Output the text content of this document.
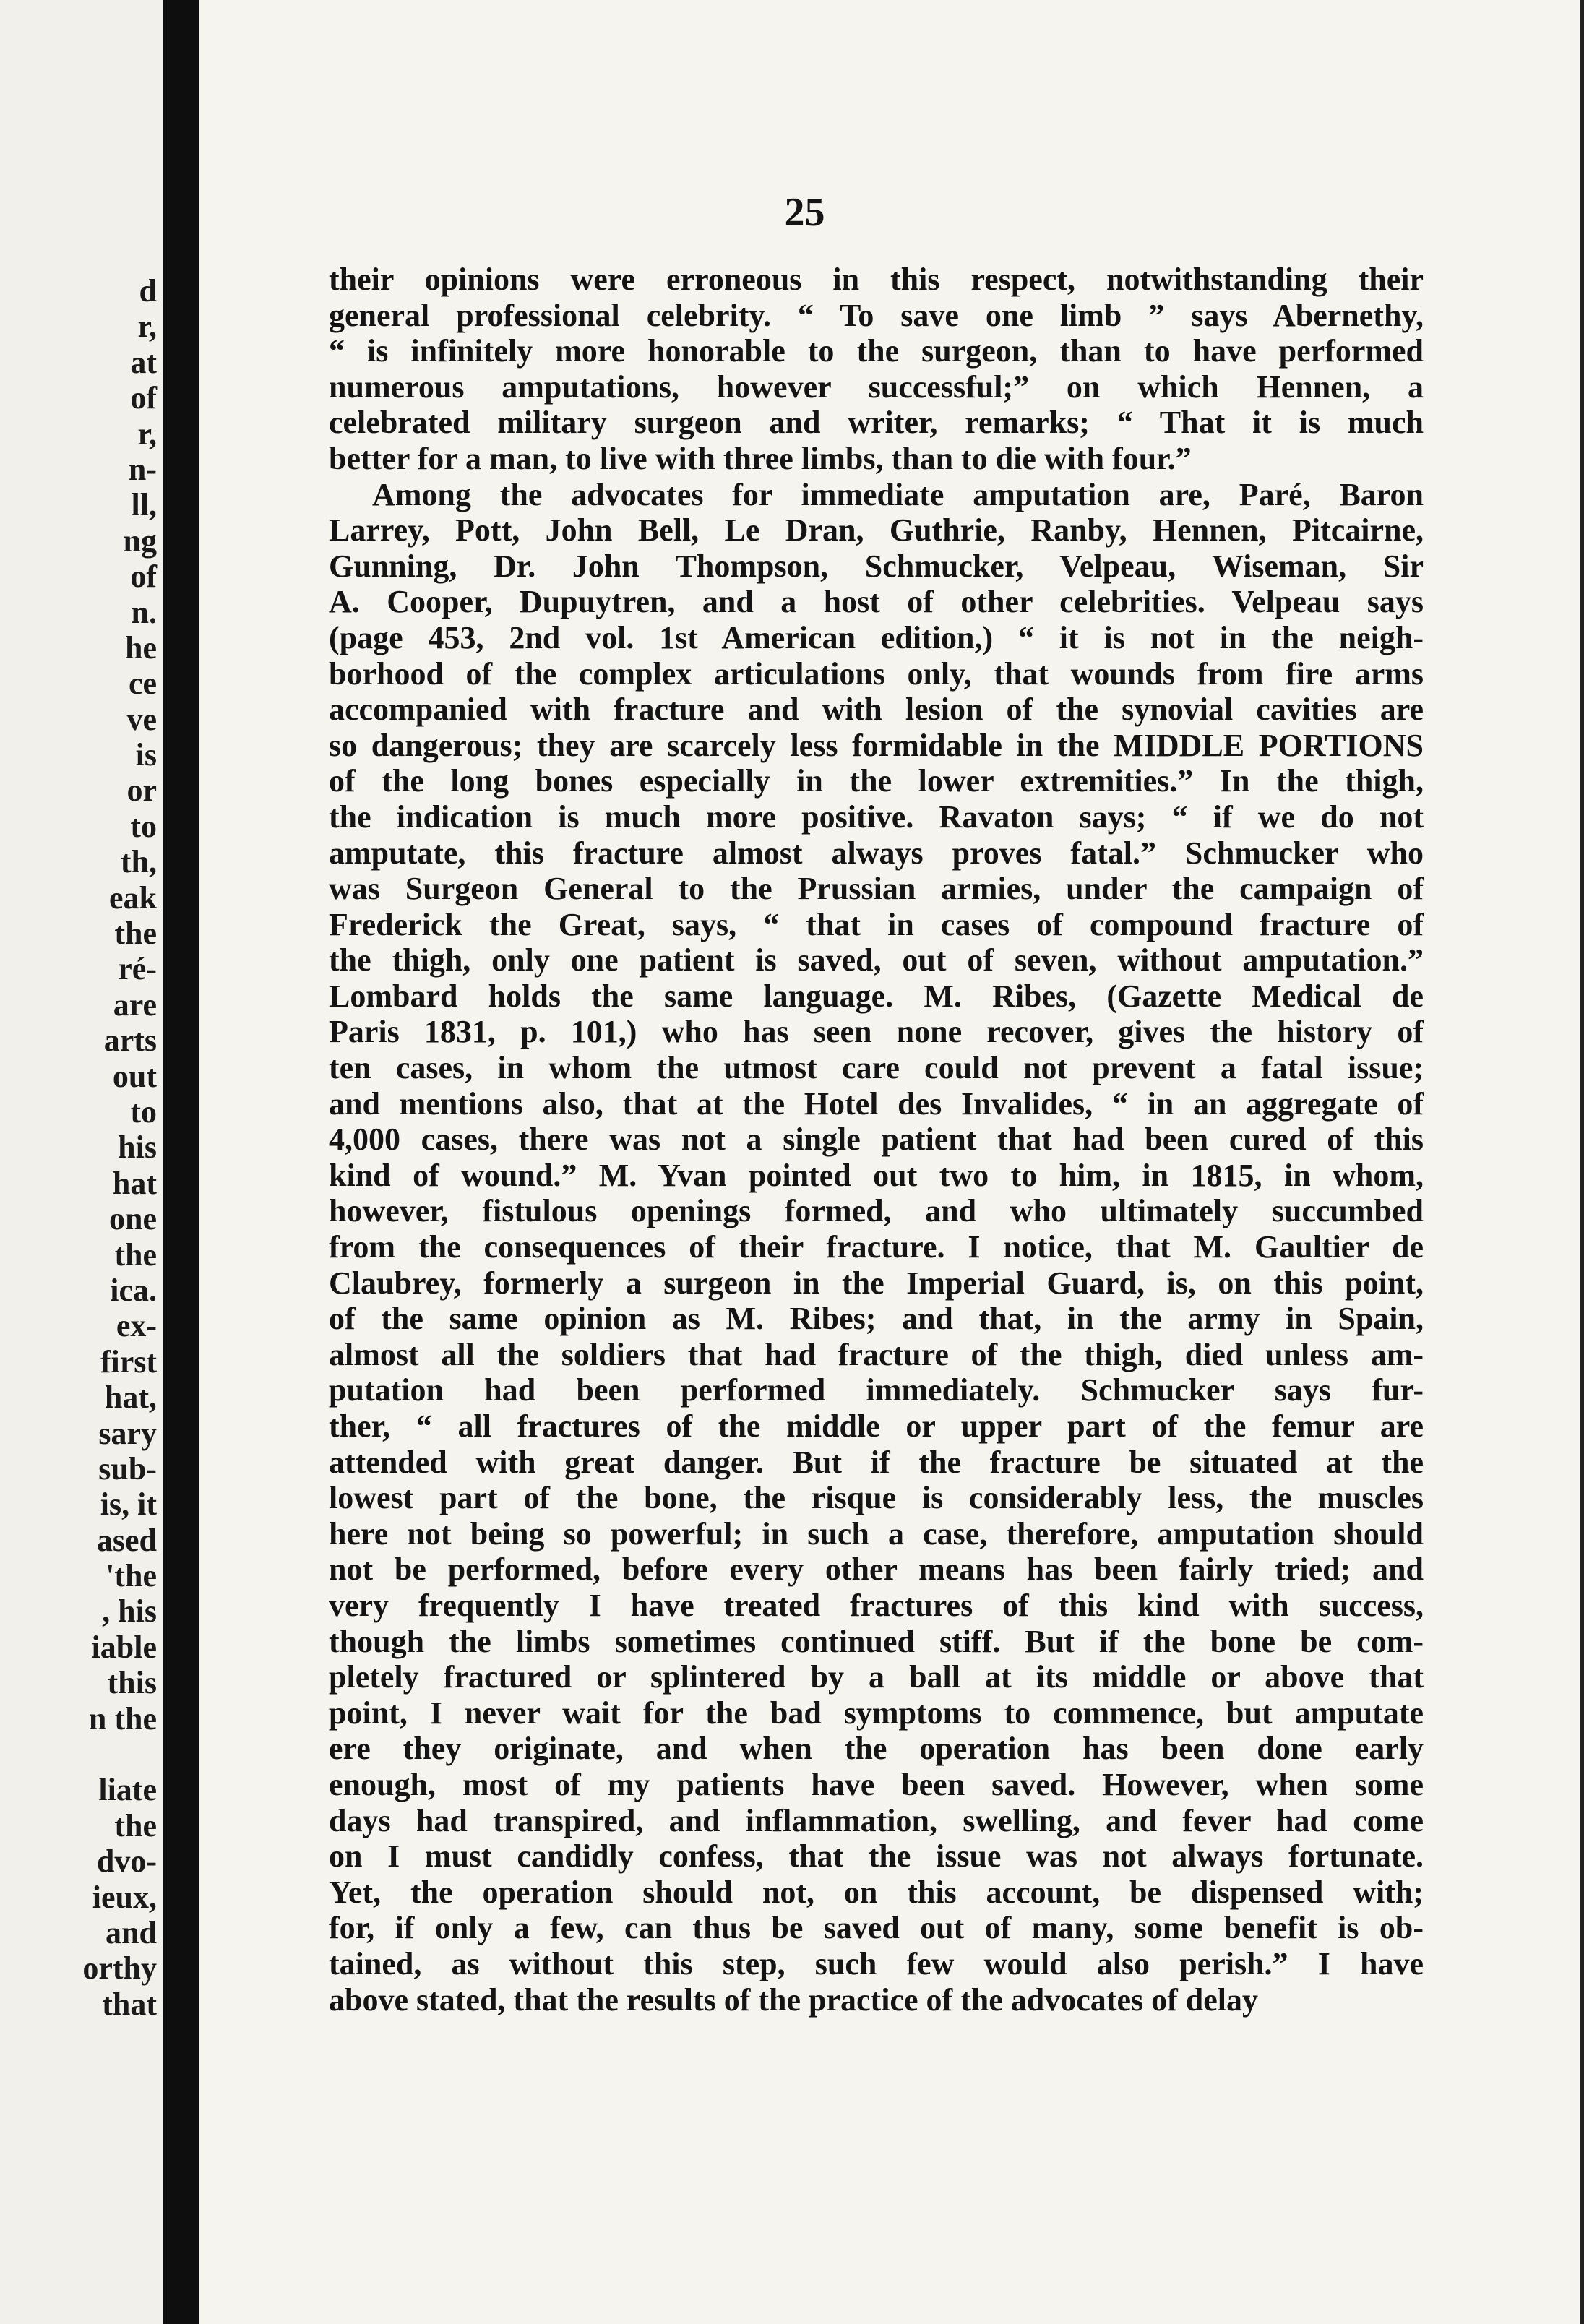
d
r,
at
of
r,
n-
ll,
ng
of
n.
he
ce
ve
is
or
to
th,
eak
the
ré-
are
arts
out
to
his
hat
one
the
ica.
ex-
first
hat,
sary
sub-
is, it
ased
'the
, his
iable
this
n the
liate
the
dvo-
ieux,
and
orthy
that
25
their opinions were erroneous in this respect, notwithstanding their
general professional celebrity. “ To save one limb ” says Abernethy,
“ is infinitely more honorable to the surgeon, than to have performed
numerous amputations, however successful;” on which Hennen, a
celebrated military surgeon and writer, remarks; “ That it is much
better for a man, to live with three limbs, than to die with four.”
Among the advocates for immediate amputation are, Paré, Baron
Larrey, Pott, John Bell, Le Dran, Guthrie, Ranby, Hennen, Pitcairne,
Gunning, Dr. John Thompson, Schmucker, Velpeau, Wiseman, Sir
A. Cooper, Dupuytren, and a host of other celebrities. Velpeau says
(page 453, 2nd vol. 1st American edition,) “ it is not in the neigh-
borhood of the complex articulations only, that wounds from fire arms
accompanied with fracture and with lesion of the synovial cavities are
so dangerous; they are scarcely less formidable in the MIDDLE PORTIONS
of the long bones especially in the lower extremities.” In the thigh,
the indication is much more positive. Ravaton says; “ if we do not
amputate, this fracture almost always proves fatal.” Schmucker who
was Surgeon General to the Prussian armies, under the campaign of
Frederick the Great, says, “ that in cases of compound fracture of
the thigh, only one patient is saved, out of seven, without amputation.”
Lombard holds the same language. M. Ribes, (Gazette Medical de
Paris 1831, p. 101,) who has seen none recover, gives the history of
ten cases, in whom the utmost care could not prevent a fatal issue;
and mentions also, that at the Hotel des Invalides, “ in an aggregate of
4,000 cases, there was not a single patient that had been cured of this
kind of wound.” M. Yvan pointed out two to him, in 1815, in whom,
however, fistulous openings formed, and who ultimately succumbed
from the consequences of their fracture. I notice, that M. Gaultier de
Claubrey, formerly a surgeon in the Imperial Guard, is, on this point,
of the same opinion as M. Ribes; and that, in the army in Spain,
almost all the soldiers that had fracture of the thigh, died unless am-
putation had been performed immediately. Schmucker says fur-
ther, “ all fractures of the middle or upper part of the femur are
attended with great danger. But if the fracture be situated at the
lowest part of the bone, the risque is considerably less, the muscles
here not being so powerful; in such a case, therefore, amputation should
not be performed, before every other means has been fairly tried; and
very frequently I have treated fractures of this kind with success,
though the limbs sometimes continued stiff. But if the bone be com-
pletely fractured or splintered by a ball at its middle or above that
point, I never wait for the bad symptoms to commence, but amputate
ere they originate, and when the operation has been done early
enough, most of my patients have been saved. However, when some
days had transpired, and inflammation, swelling, and fever had come
on I must candidly confess, that the issue was not always fortunate.
Yet, the operation should not, on this account, be dispensed with;
for, if only a few, can thus be saved out of many, some benefit is ob-
tained, as without this step, such few would also perish.” I have
above stated, that the results of the practice of the advocates of delay
